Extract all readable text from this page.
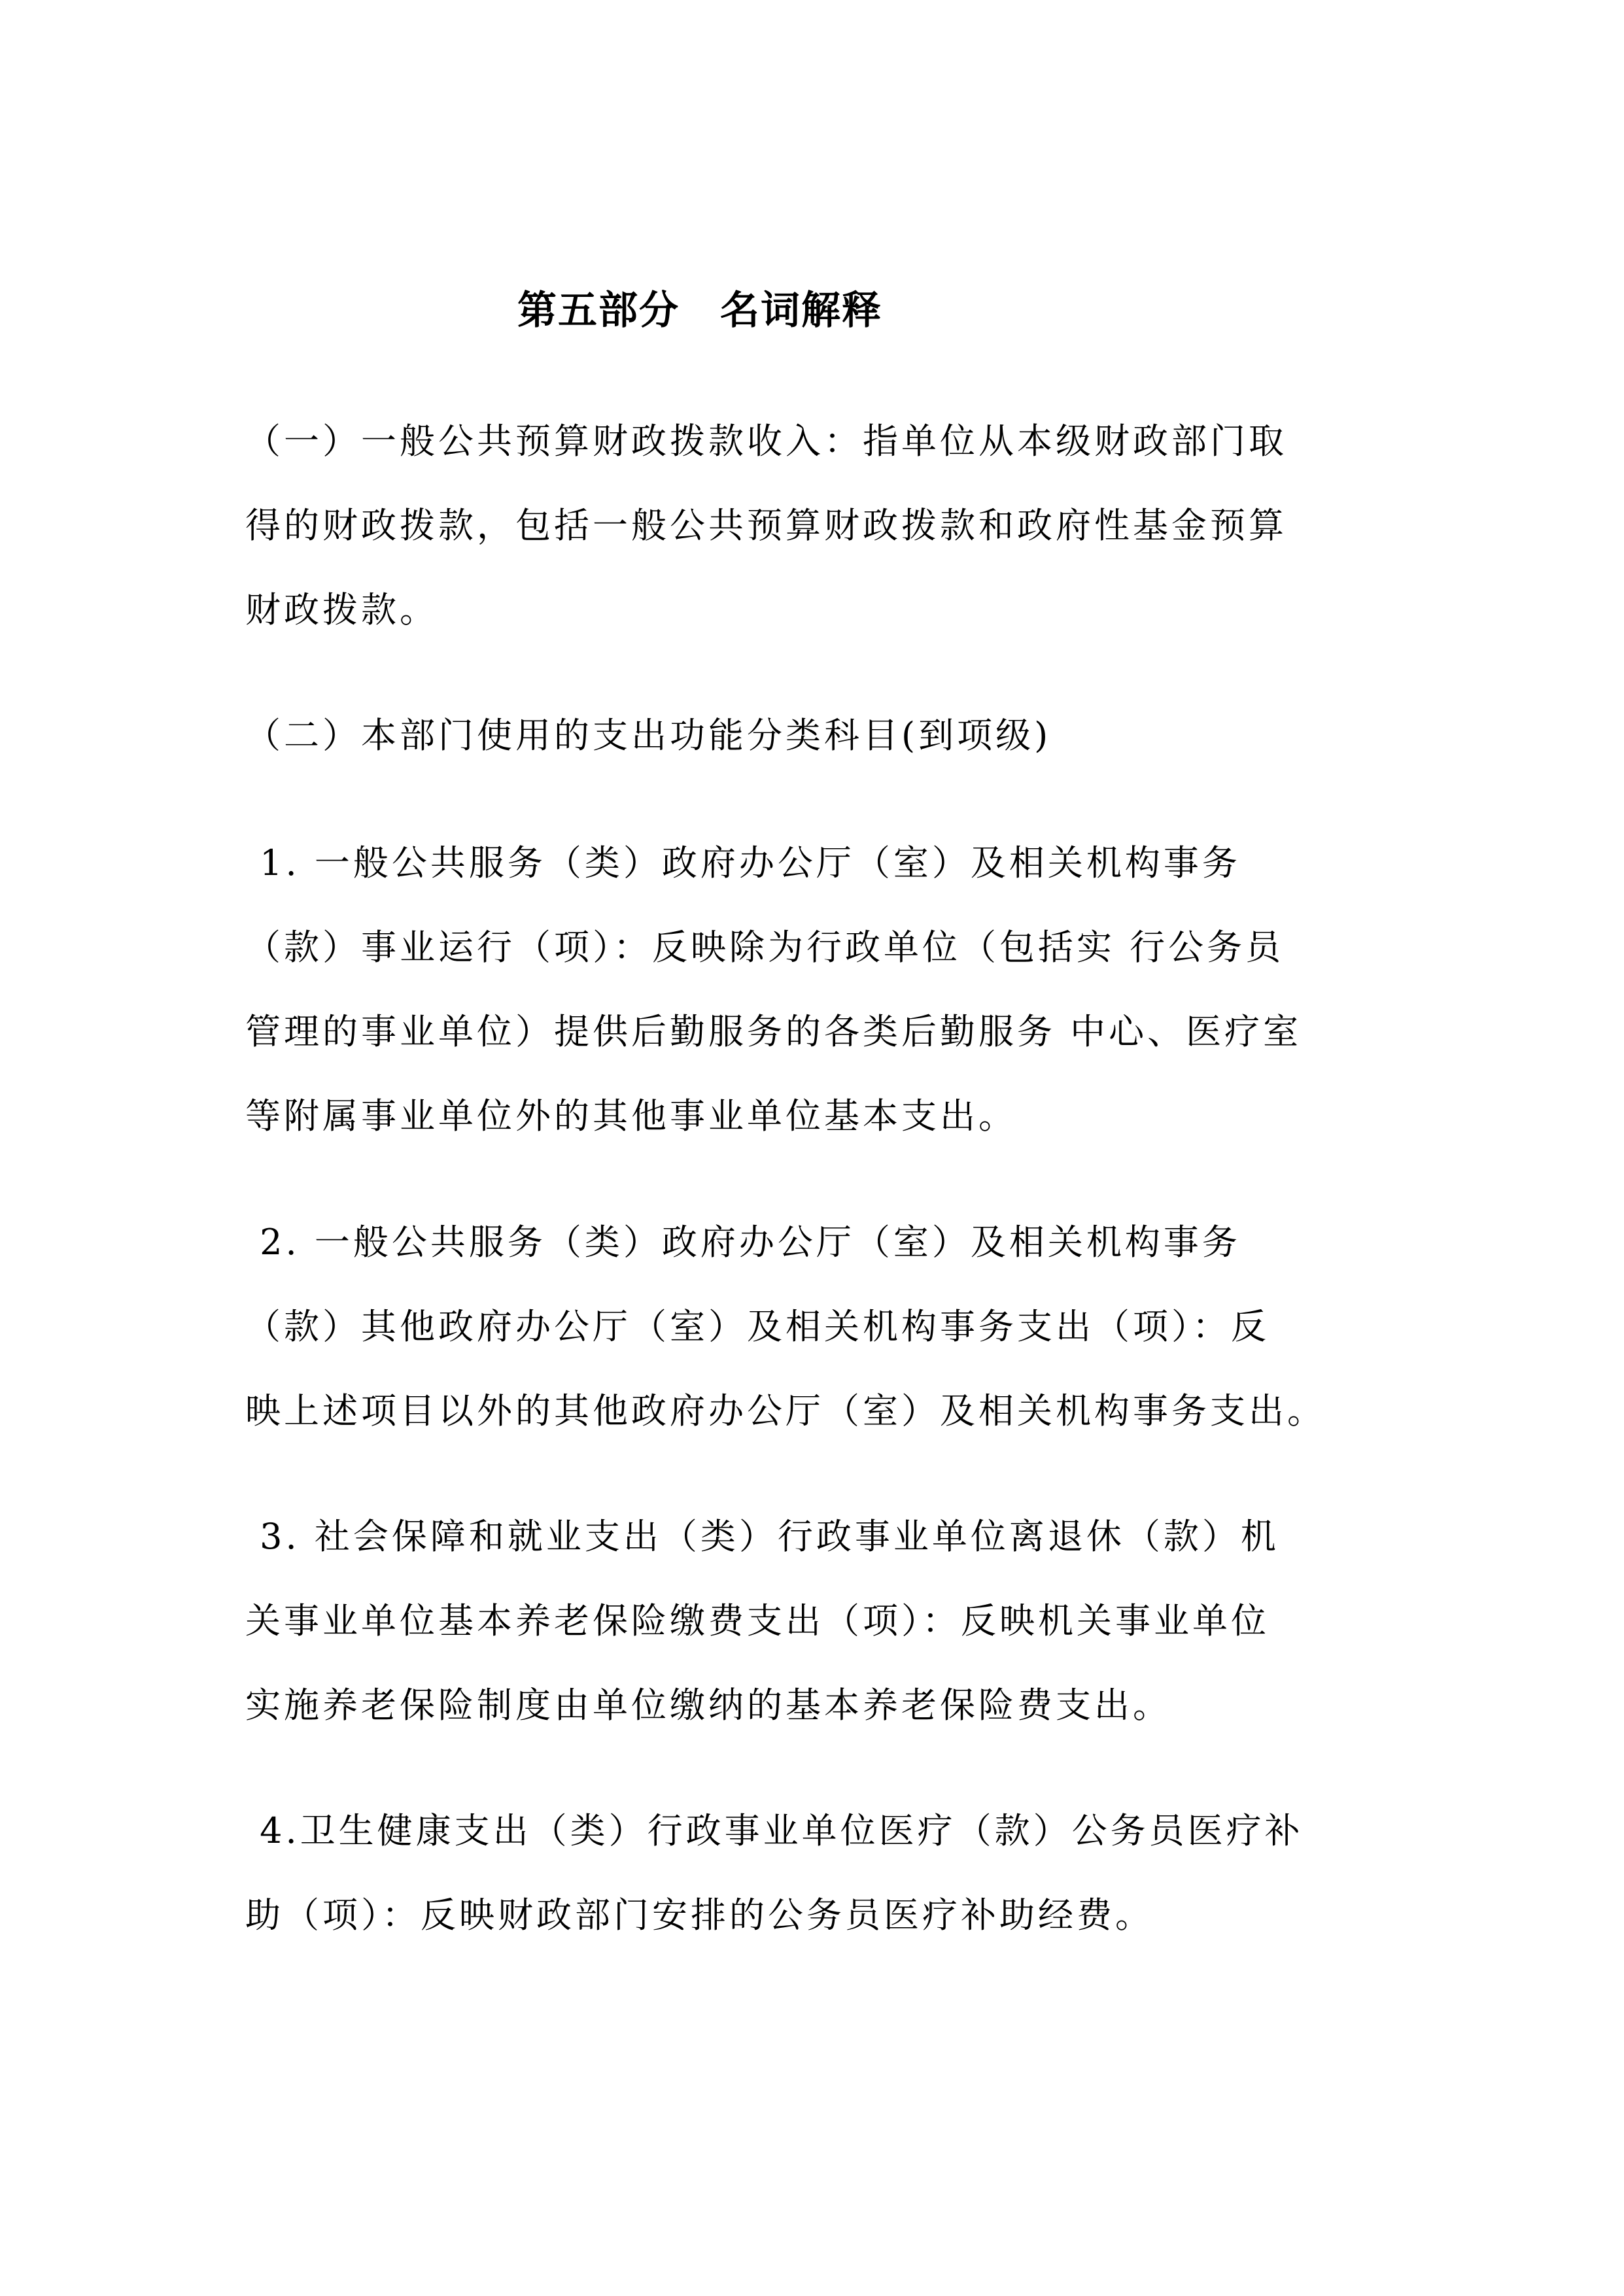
第五部分　名词解释
（一）一般公共预算财政拨款收入：指单位从本级财政部门取
得的财政拨款，包括一般公共预算财政拨款和政府性基金预算
财政拨款。
（二）本部门使用的支出功能分类科目(到项级)
1. 一般公共服务（类）政府办公厅（室）及相关机构事务
（款）事业运行（项）：反映除为行政单位（包括实 行公务员
管理的事业单位）提供后勤服务的各类后勤服务 中心、医疗室
等附属事业单位外的其他事业单位基本支出。
2. 一般公共服务（类）政府办公厅（室）及相关机构事务
（款）其他政府办公厅（室）及相关机构事务支出（项）：反
映上述项目以外的其他政府办公厅（室）及相关机构事务支出。
3. 社会保障和就业支出（类）行政事业单位离退休（款）机
关事业单位基本养老保险缴费支出（项）：反映机关事业单位
实施养老保险制度由单位缴纳的基本养老保险费支出。
4.卫生健康支出（类）行政事业单位医疗（款）公务员医疗补
助（项）：反映财政部门安排的公务员医疗补助经费。
